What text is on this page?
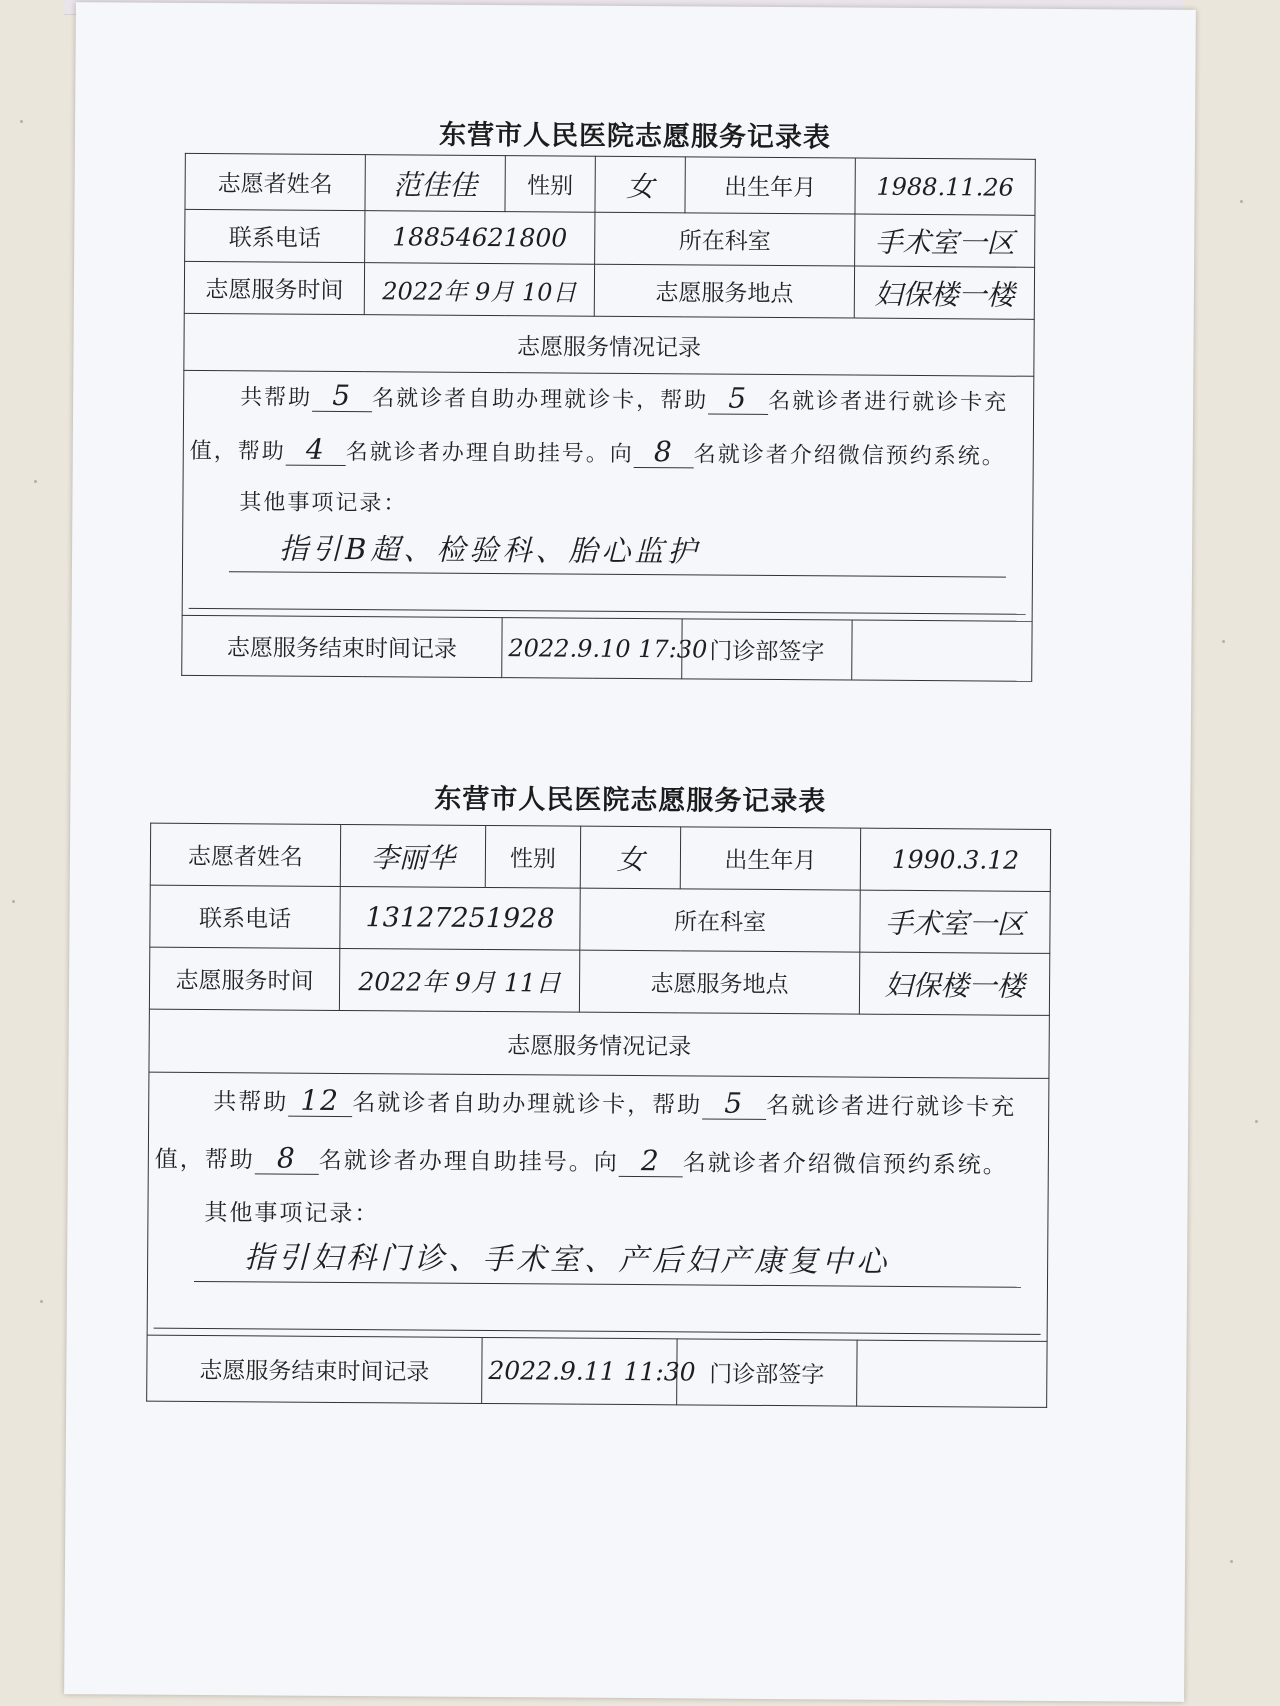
东营市人民医院志愿服务记录表
志愿者姓名	范佳佳	性别	女	出生年月	1988.11.26
联系电话	18854621800		所在科室		手术室一区
志愿服务时间	2022年 9月 10日		志愿服务地点		妇保楼一楼
志愿服务情况记录					
共帮助 5 名就诊者自助办理就诊卡，帮助 5 名就诊者进行就诊卡充值，帮助 4 名就诊者办理自助挂号。向 8 名就诊者介绍微信预约系统。
其他事项记录：
指引B超、检验科、胎心监护					

志愿服务结束时间记录		2022.9.10 17:30		门诊部签字	
东营市人民医院志愿服务记录表
志愿者姓名	李丽华	性别	女	出生年月	1990.3.12
联系电话	13127251928		所在科室		手术室一区
志愿服务时间	2022年 9月 11日		志愿服务地点		妇保楼一楼
志愿服务情况记录					
共帮助 12 名就诊者自助办理就诊卡，帮助 5 名就诊者进行就诊卡充值，帮助 8 名就诊者办理自助挂号。向 2 名就诊者介绍微信预约系统。
其他事项记录：
指引妇科门诊、手术室、产后妇产康复中心					

志愿服务结束时间记录		2022.9.11 11:30		门诊部签字	
